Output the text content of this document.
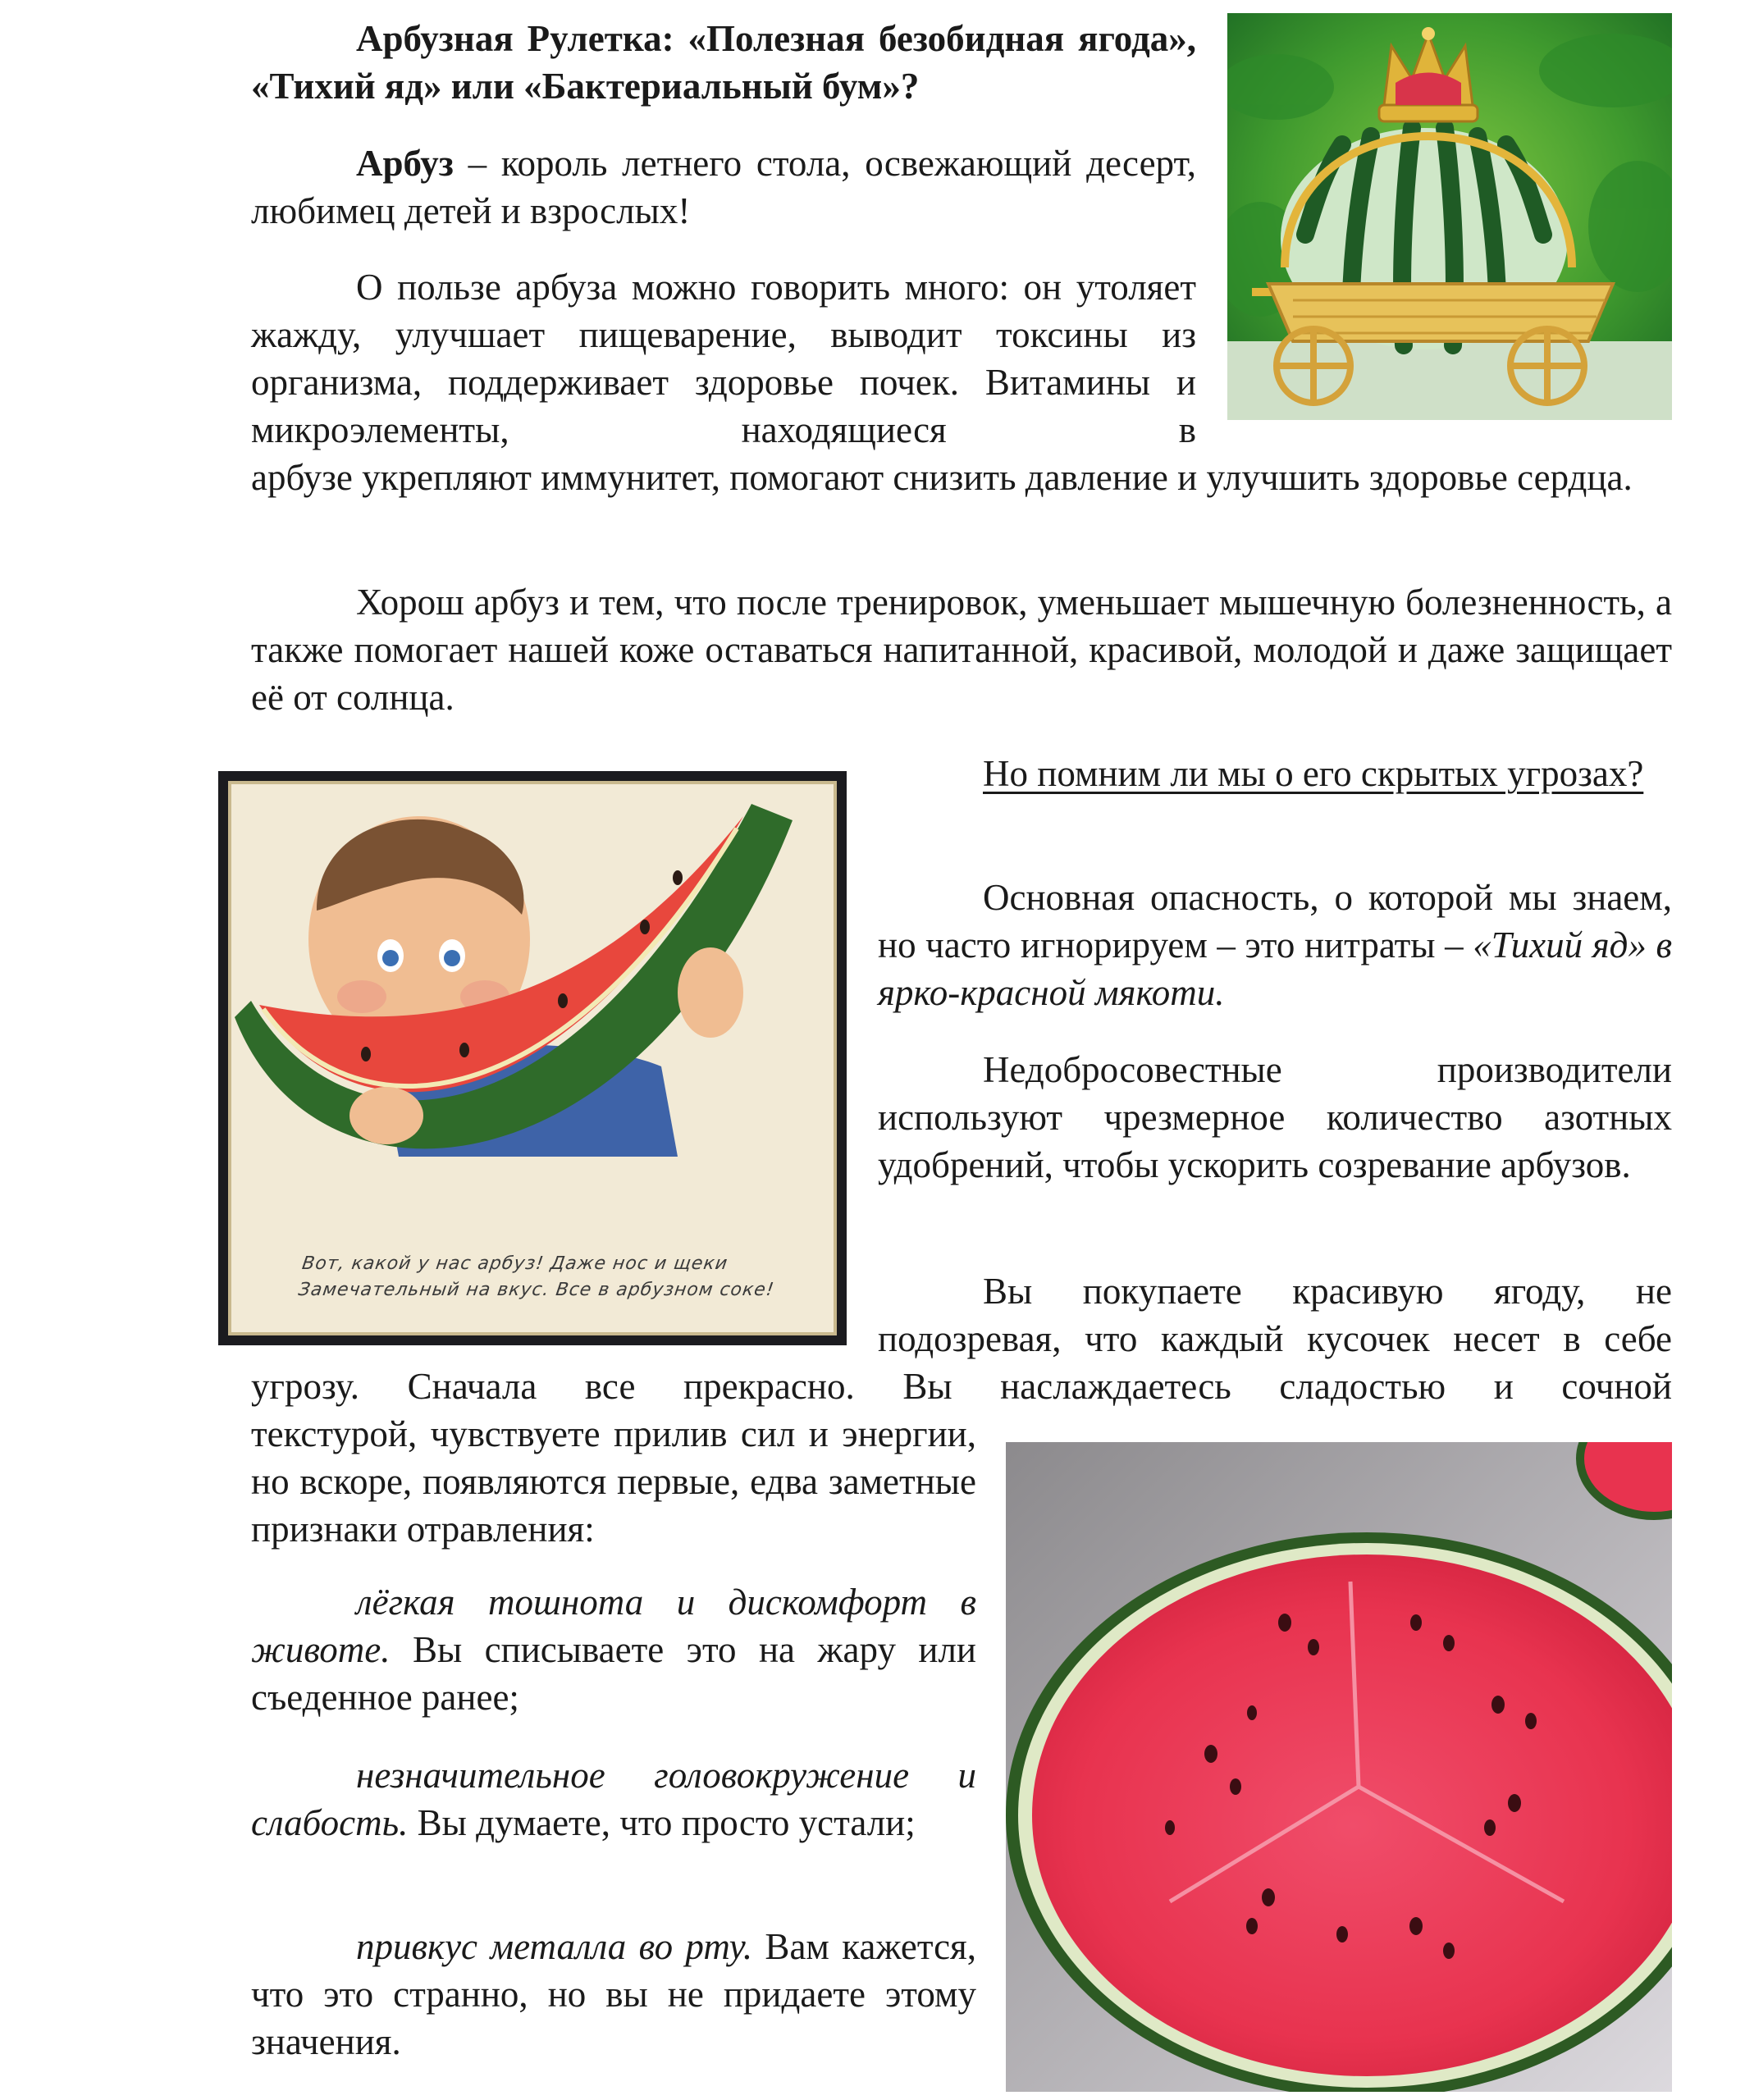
Арбузная Рулетка: «Полезная безобидная ягода», «Тихий яд» или «Бактериальный бум»?

Арбуз – король летнего стола, освежающий десерт, любимец детей и взрослых!

О пользе арбуза можно говорить много: он утоляет жажду, улучшает пищеварение, выводит токсины из организма, поддерживает здоровье почек. Витамины и микроэлементы, находящиеся в

арбузе укрепляют иммунитет, помогают снизить давление и улучшить здоровье сердца.

Хорош арбуз и тем, что после тренировок, уменьшает мышечную болезненность, а также помогает нашей коже оставаться напитанной, красивой, молодой и даже защищает её от солнца.

Вот, какой у нас арбуз! Даже нос и щеки
Замечательный на вкус. Все в арбузном соке!

Но помним ли мы о его скрытых угрозах?

Основная опасность, о которой мы знаем, но часто игнорируем – это нитраты – «Тихий яд» в ярко-красной мякоти.

Недобросовестные производители используют чрезмерное количество азотных удобрений, чтобы ускорить созревание арбузов.

Вы покупаете красивую ягоду, не

подозревая, что каждый кусочек несет в себе

угрозу. Сначала все прекрасно. Вы наслаждаетесь сладостью и сочной

текстурой, чувствуете прилив сил и энергии, но вскоре, появляются первые, едва заметные признаки отравления:

лёгкая тошнота и дискомфорт в животе. Вы списываете это на жару или съеденное ранее;

незначительное головокружение и слабость. Вы думаете, что просто устали;

привкус металла во рту. Вам кажется, что это странно, но вы не придаете этому значения.
